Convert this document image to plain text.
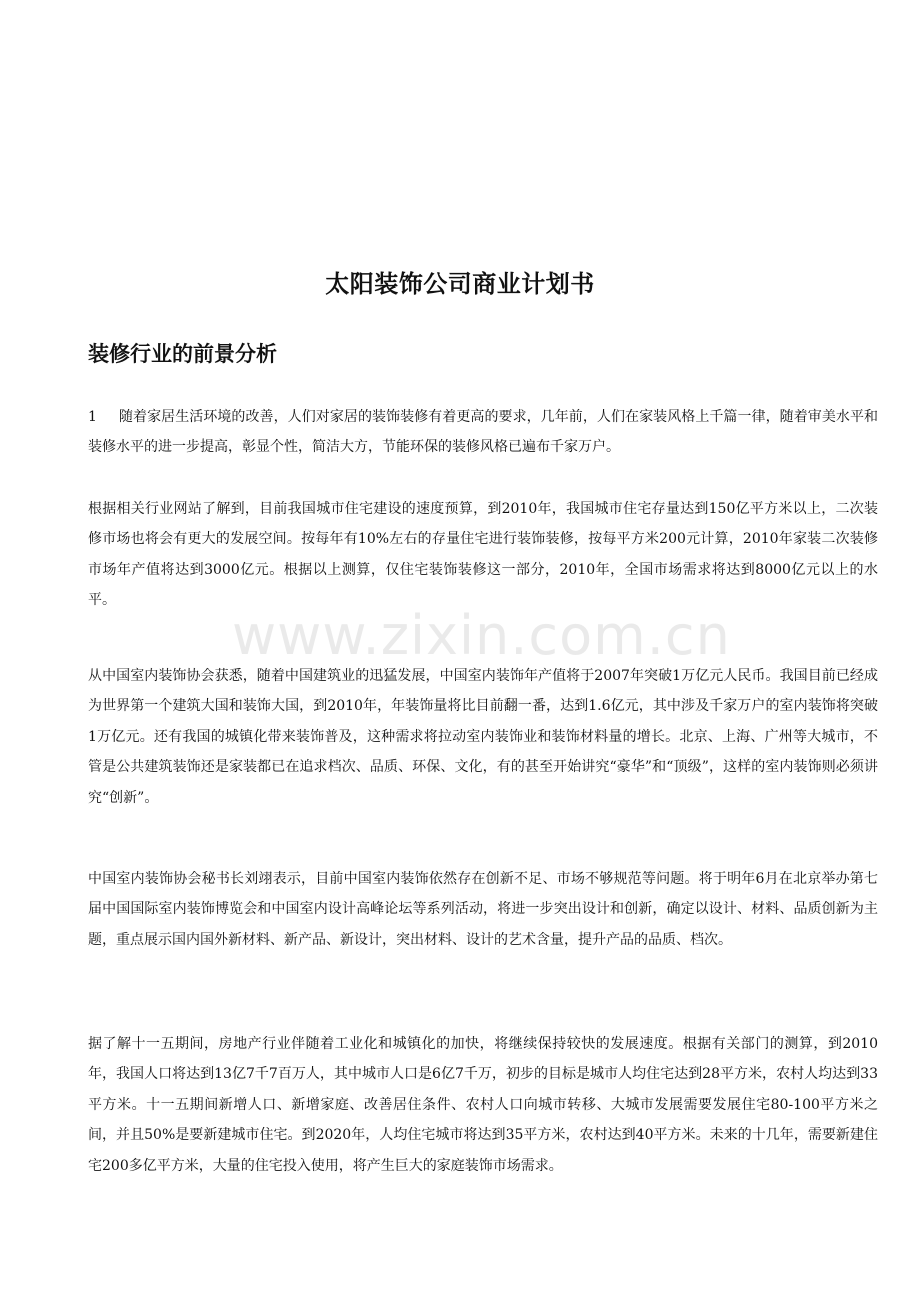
www.zixin.com.cn
太阳装饰公司商业计划书
装修行业的前景分析

1 随着家居生活环境的改善，人们对家居的装饰装修有着更高的要求，几年前，人们在家装风格上千篇一律，随着审美水平和装修水平的进一步提高，彰显个性，简洁大方，节能环保的装修风格已遍布千家万户。

根据相关行业网站了解到，目前我国城市住宅建设的速度预算，到2010年，我国城市住宅存量达到150亿平方米以上，二次装修市场也将会有更大的发展空间。按每年有10%左右的存量住宅进行装饰装修，按每平方米200元计算，2010年家装二次装修市场年产值将达到3000亿元。根据以上测算，仅住宅装饰装修这一部分，2010年，全国市场需求将达到8000亿元以上的水平。

从中国室内装饰协会获悉，随着中国建筑业的迅猛发展，中国室内装饰年产值将于2007年突破1万亿元人民币。我国目前已经成为世界第一个建筑大国和装饰大国，到2010年，年装饰量将比目前翻一番，达到1.6亿元，其中涉及千家万户的室内装饰将突破1万亿元。还有我国的城镇化带来装饰普及，这种需求将拉动室内装饰业和装饰材料量的增长。北京、上海、广州等大城市，不管是公共建筑装饰还是家装都已在追求档次、品质、环保、文化，有的甚至开始讲究“豪华”和“顶级”，这样的室内装饰则必须讲究“创新”。

中国室内装饰协会秘书长刘翊表示，目前中国室内装饰依然存在创新不足、市场不够规范等问题。将于明年6月在北京举办第七届中国国际室内装饰博览会和中国室内设计高峰论坛等系列活动，将进一步突出设计和创新，确定以设计、材料、品质创新为主题，重点展示国内国外新材料、新产品、新设计，突出材料、设计的艺术含量，提升产品的品质、档次。

据了解十一五期间，房地产行业伴随着工业化和城镇化的加快，将继续保持较快的发展速度。根据有关部门的测算，到2010年，我国人口将达到13亿7千7百万人，其中城市人口是6亿7千万，初步的目标是城市人均住宅达到28平方米，农村人均达到33平方米。十一五期间新增人口、新增家庭、改善居住条件、农村人口向城市转移、大城市发展需要发展住宅80-100平方米之间，并且50%是要新建城市住宅。到2020年，人均住宅城市将达到35平方米，农村达到40平方米。未来的十几年，需要新建住宅200多亿平方米，大量的住宅投入使用，将产生巨大的家庭装饰市场需求。
